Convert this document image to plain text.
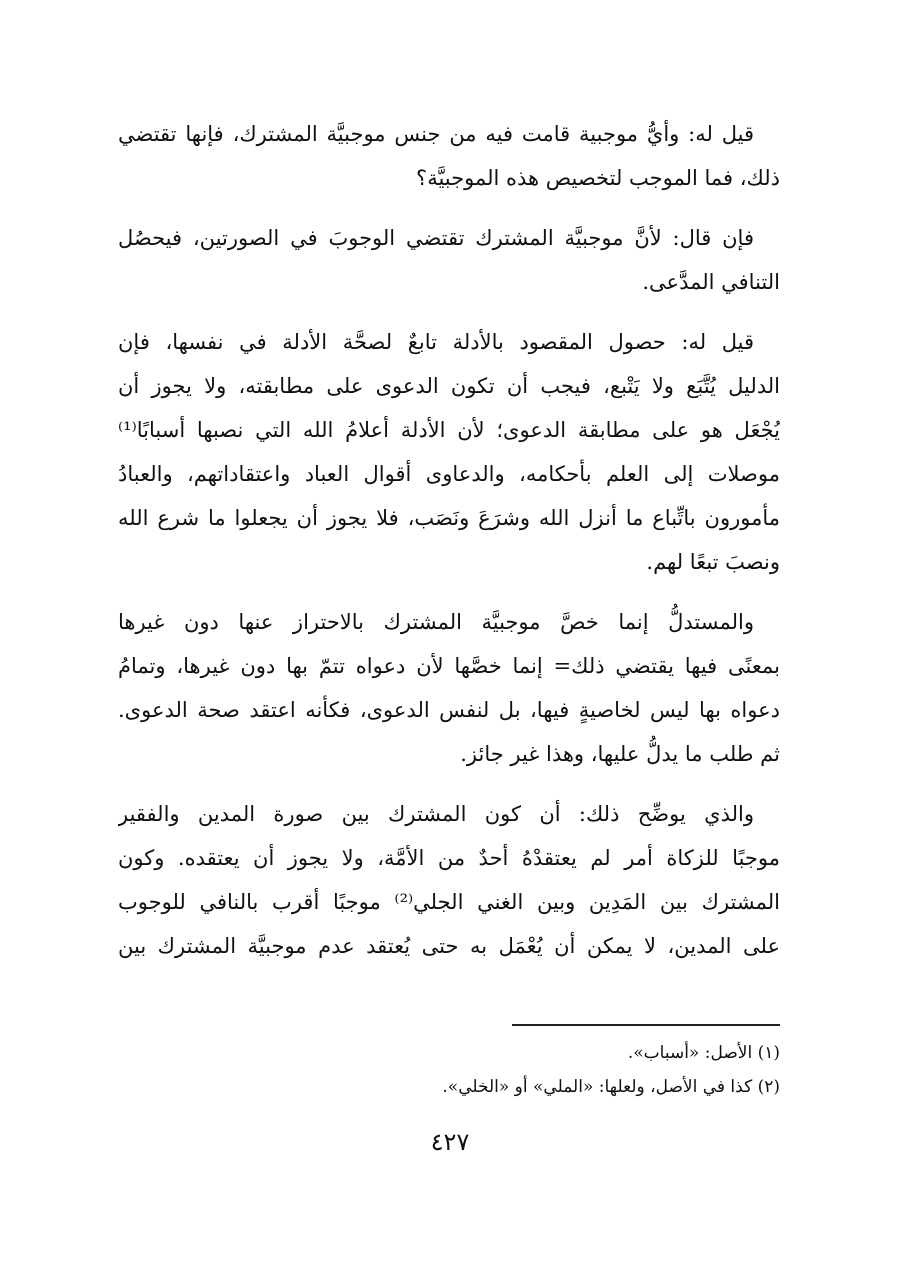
قيل له: وأيُّ موجبية قامت فيه من جنس موجبيَّة المشترك، فإنها تقتضي
ذلك، فما الموجب لتخصيص هذه الموجبيَّة؟
فإن قال: لأنَّ موجبيَّة المشترك تقتضي الوجوبَ في الصورتين، فيحصُل
التنافي المدَّعى.
قيل له: حصول المقصود بالأدلة تابعٌ لصحَّة الأدلة في نفسها، فإن
الدليل يُتَّبَع ولا يَتْبع، فيجب أن تكون الدعوى على مطابقته، ولا يجوز أن
يُجْعَل هو على مطابقة الدعوى؛ لأن الأدلة أعلامُ الله التي نصبها أسبابًا⁽¹⁾
موصلات إلى العلم بأحكامه، والدعاوى أقوال العباد واعتقاداتهم، والعبادُ
مأمورون باتِّباع ما أنزل الله وشرَعَ ونَصَب، فلا يجوز أن يجعلوا ما شرع الله
ونصبَ تبعًا لهم.
والمستدلُّ إنما خصَّ موجبيَّة المشترك بالاحتراز عنها دون غيرها
بمعنًى فيها يقتضي ذلك= إنما خصَّها لأن دعواه تتمّ بها دون غيرها، وتمامُ
دعواه بها ليس لخاصيةٍ فيها، بل لنفس الدعوى، فكأنه اعتقد صحة الدعوى.
ثم طلب ما يدلُّ عليها، وهذا غير جائز.
والذي يوضِّح ذلك: أن كون المشترك بين صورة المدين والفقير
موجبًا للزكاة أمر لم يعتقدْهُ أحدٌ من الأمَّة، ولا يجوز أن يعتقده. وكون
المشترك بين المَدِين وبين الغني الجلي⁽²⁾ موجبًا أقرب بالنافي للوجوب
على المدين، لا يمكن أن يُعْمَل به حتى يُعتقد عدم موجبيَّة المشترك بين
(١) الأصل: «أسباب».
(٢) كذا في الأصل، ولعلها: «الملي» أو «الخلي».
٤٢٧
